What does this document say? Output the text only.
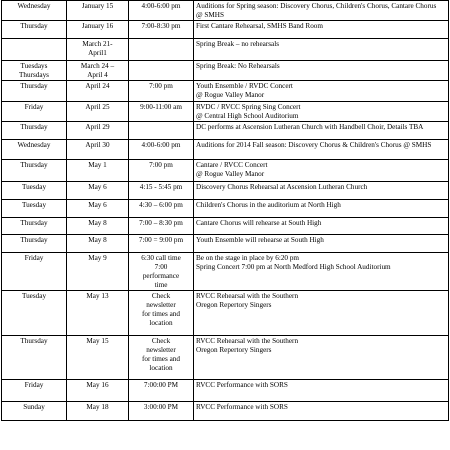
Wednesday	January 15	4:00-6:00 pm	Auditions for Spring season: Discovery Chorus, Children's Chorus, Cantare Chorus
@ SMHS

Thursday	January 16	7:00-8:30 pm	First Cantare Rehearsal, SMHS Band Room

	March 21-
April1		Spring Break – no rehearsals

Tuesdays
Thursdays	March 24 –
April 4		Spring Break: No Rehearsals

Thursday	April 24	7:00 pm	Youth Ensemble / RVDC Concert
@ Rogue Valley Manor

Friday	April 25	9:00-11:00 am	RVDC / RVCC Spring Sing Concert
@ Central High School Auditorium

Thursday	April 29		DC performs at Ascension Lutheran Church with Handbell Choir, Details TBA

Wednesday	April 30	4:00-6:00 pm	Auditions for 2014 Fall season: Discovery Chorus & Children's Chorus @ SMHS

Thursday	May 1	7:00 pm	Cantare / RVCC Concert
@ Rogue Valley Manor

Tuesday	May 6	4:15 - 5:45 pm	Discovery Chorus Rehearsal at Ascension Lutheran Church

Tuesday	May 6	4:30 – 6:00 pm	Children's Chorus in the auditorium at North High

Thursday	May 8	7:00 – 8:30 pm	Cantare Chorus will rehearse at South High

Thursday	May 8	7:00 = 9:00 pm	Youth Ensemble will rehearse at South High

Friday	May 9	6:30 call time
7:00
performance
time	Be on the stage in place by 6:20 pm
Spring Concert 7:00 pm at North Medford High School Auditorium

Tuesday	May 13	Check
newsletter
for times and
location	RVCC Rehearsal with the Southern
Oregon Repertory Singers

Thursday	May 15	Check
newsletter
for times and
location	RVCC Rehearsal with the Southern
Oregon Repertory Singers

Friday	May 16	7:00:00 PM	RVCC Performance with SORS

Sunday	May 18	3:00:00 PM	RVCC Performance with SORS
